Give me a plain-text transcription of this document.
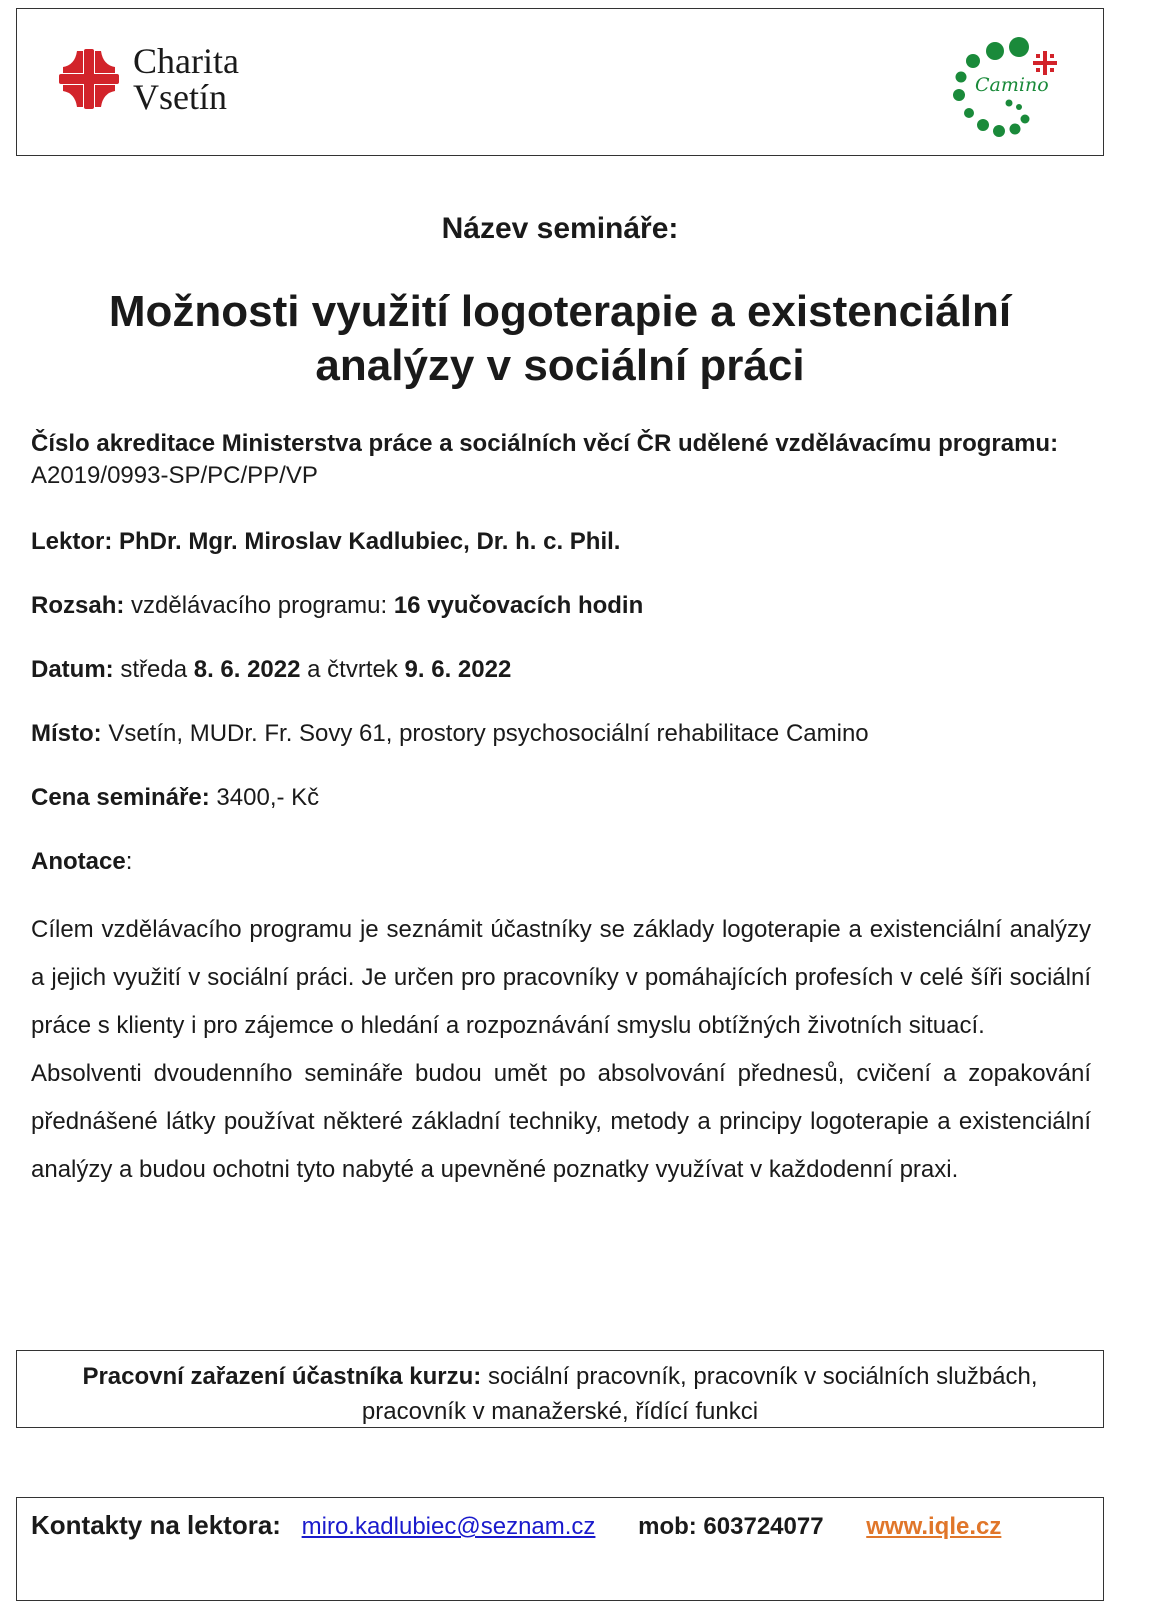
Charita
Vsetín	Camino
Název semináře:
Možnosti využití logoterapie a existenciální analýzy v sociální práci
Číslo akreditace Ministerstva práce a sociálních věcí ČR udělené vzdělávacímu programu: A2019/0993-SP/PC/PP/VP
Lektor: PhDr. Mgr. Miroslav Kadlubiec, Dr. h. c. Phil.
Rozsah: vzdělávacího programu: 16 vyučovacích hodin
Datum: středa 8. 6. 2022 a čtvrtek 9. 6. 2022
Místo: Vsetín, MUDr. Fr. Sovy 61, prostory psychosociální rehabilitace Camino
Cena semináře: 3400,- Kč
Anotace:

Cílem vzdělávacího programu je seznámit účastníky se základy logoterapie a existenciální analýzy a jejich využití v sociální práci. Je určen pro pracovníky v pomáhajících profesích v celé šíři sociální práce s klienty i pro zájemce o hledání a rozpoznávání smyslu obtížných životních situací.

Absolventi dvoudenního semináře budou umět po absolvování přednesů, cvičení a zopakování přednášené látky používat některé základní techniky, metody a principy logoterapie a existenciální analýzy a budou ochotni tyto nabyté a upevněné poznatky využívat v každodenní praxi.

Pracovní zařazení účastníka kurzu: sociální pracovník, pracovník v sociálních službách, pracovník v manažerské, řídící funkci
Kontakty na lektora: miro.kadlubiec@seznam.cz mob: 603724077 www.iqle.cz
